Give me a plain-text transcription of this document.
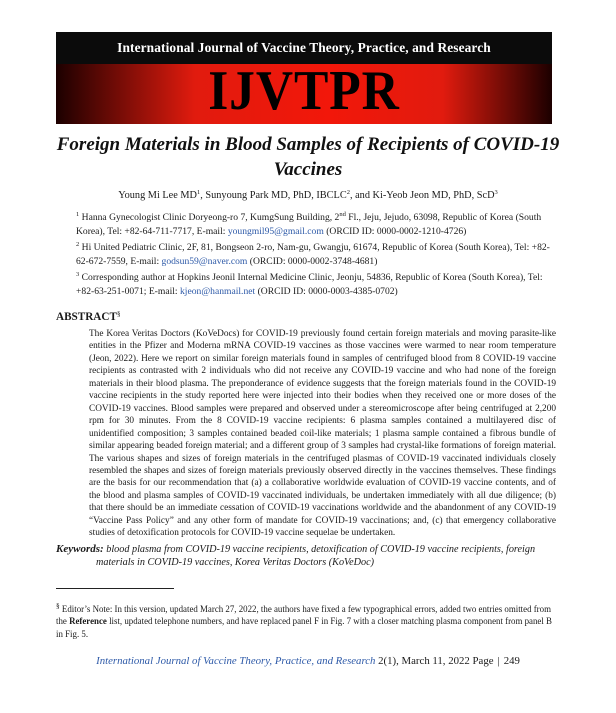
International Journal of Vaccine Theory, Practice, and Research
IJVTPR
Foreign Materials in Blood Samples of Recipients of COVID-19 Vaccines
Young Mi Lee $MD^1$, Sunyoung Park MD, PhD, IBCLC$^2$, and Ki-Yeob Jeon MD, PhD, ScD$^3$
$^1$ Hanna Gynecologist Clinic Doryeong-ro 7, KumgSung Building, 2nd Fl., Jeju, Jejudo, 63098, Republic of Korea (South Korea), Tel: +82-64-711-7717, E-mail: youngmil95@gmail.com (ORCID ID: 0000-0002-1210-4726)
$^2$ Hi United Pediatric Clinic, 2F, 81, Bongseon 2-ro, Nam-gu, Gwangju, 61674, Republic of Korea (South Korea), Tel: +82-62-672-7559, E-mail: godsun59@naver.com (ORCID: 0000-0002-3748-4681)
$^3$ Corresponding author at Hopkins Jeonil Internal Medicine Clinic, Jeonju, 54836, Republic of Korea (South Korea), Tel: +82-63-251-0071; E-mail: kjeon@hanmail.net (ORCID ID: 0000-0003-4385-0702)
ABSTRACT§

The Korea Veritas Doctors (KoVeDocs) for COVID-19 previously found certain foreign materials and moving parasite-like entities in the Pfizer and Moderna mRNA COVID-19 vaccines as those vaccines were warmed to near room temperature (Jeon, 2022). Here we report on similar foreign materials found in samples of centrifuged blood from 8 COVID-19 vaccine recipients as contrasted with 2 individuals who did not receive any COVID-19 vaccine and who had none of the foreign materials in their blood plasma. The preponderance of evidence suggests that the foreign materials found in the COVID-19 vaccine recipients in the study reported here were injected into their bodies when they received one or more doses of the COVID-19 vaccines. Blood samples were prepared and observed under a stereomicroscope after being centrifuged at 2,200 rpm for 30 minutes. From the 8 COVID-19 vaccine recipients: 6 plasma samples contained a multilayered disc of unidentified composition; 3 samples contained beaded coil-like materials; 1 plasma sample contained a fibrous bundle of similar appearing beaded foreign material; and a different group of 3 samples had crystal-like formations of foreign material. The various shapes and sizes of foreign materials in the centrifuged plasmas of COVID-19 vaccinated individuals closely resembled the shapes and sizes of foreign materials previously observed directly in the vaccines themselves. These findings are the basis for our recommendation that (a) a collaborative worldwide evaluation of COVID-19 vaccine contents, and of the blood and plasma samples of COVID-19 vaccinated individuals, be undertaken immediately with all due diligence; (b) that there should be an immediate cessation of COVID-19 vaccinations worldwide and the abandonment of any COVID-19 “Vaccine Pass Policy” and any other form of mandate for COVID-19 vaccinations; and, (c) that emergency collaborative studies of detoxification protocols for COVID-19 vaccine sequelae be undertaken.

Keywords: blood plasma from COVID-19 vaccine recipients, detoxification of COVID-19 vaccine recipients, foreign
materials in COVID-19 vaccines, Korea Veritas Doctors (KoVeDoc)

§ Editor’s Note: In this version, updated March 27, 2022, the authors have fixed a few typographical errors, added two entries omitted from the Reference list, updated telephone numbers, and have replaced panel F in Fig. 7 with a closer matching plasma component from panel B in Fig. 5.

International Journal of Vaccine Theory, Practice, and Research 2(1), March 11, 2022 Page | 249
